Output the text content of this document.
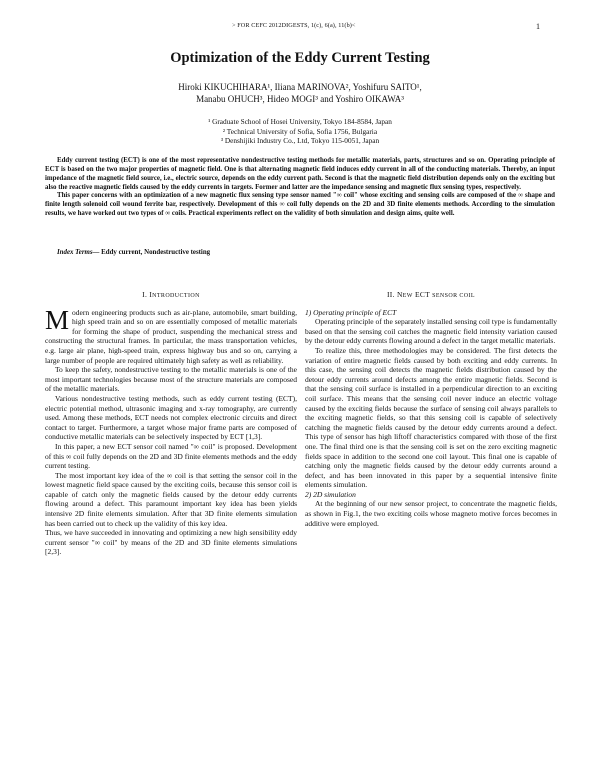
> FOR CEFC 2012DIGESTS, 1(c), 6(a), 11(b)<	1
Optimization of the Eddy Current Testing
Hiroki KIKUCHIHARA¹, Iliana MARINOVA², Yoshifuru SAITO¹,
Manabu OHUCH³, Hideo MOGI³ and Yoshiro OIKAWA³
¹ Graduate School of Hosei University, Tokyo 184-8584, Japan
² Technical University of Sofia, Sofia 1756, Bulgaria
³ Denshijiki Industry Co., Ltd, Tokyo 115-0051, Japan

Eddy current testing (ECT) is one of the most representative nondestructive testing methods for metallic materials, parts, structures and so on. Operating principle of ECT is based on the two major properties of magnetic field. One is that alternating magnetic field induces eddy current in all of the conducting materials. Thereby, an input impedance of the magnetic field source, i.e., electric source, depends on the eddy current path. Second is that the magnetic field distribution depends only on the exciting but also the reactive magnetic fields caused by the eddy currents in targets. Former and latter are the impedance sensing and magnetic flux sensing types, respectively.

This paper concerns with an optimization of a new magnetic flux sensing type sensor named "∞ coil" whose exciting and sensing coils are composed of the ∞ shape and finite length solenoid coil wound ferrite bar, respectively. Development of this ∞ coil fully depends on the 2D and 3D finite elements methods. According to the simulation results, we have worked out two types of ∞ coils. Practical experiments reflect on the validity of both simulation and design aims, quite well.

Index Terms— Eddy current, Nondestructive testing
I. INTRODUCTION

Modern engineering products such as air-plane, automobile, smart building, high speed train and so on are essentially composed of metallic materials for forming the shape of product, suspending the mechanical stress and constructing the structural frames. In particular, the mass transportation vehicles, e.g. large air plane, high-speed train, express highway bus and so on, carrying a large number of people are required ultimately high safety as well as reliability.

To keep the safety, nondestructive testing to the metallic materials is one of the most important technologies because most of the structure materials are composed of the metallic materials.

Various nondestructive testing methods, such as eddy current testing (ECT), electric potential method, ultrasonic imaging and x-ray tomography, are currently used. Among these methods, ECT needs not complex electronic circuits and direct contact to target. Furthermore, a target whose major frame parts are composed of conductive metallic materials can be selectively inspected by ECT [1,3].

In this paper, a new ECT sensor coil named "∞ coil" is proposed. Development of this ∞ coil fully depends on the 2D and 3D finite elements methods and the eddy current testing.

The most important key idea of the ∞ coil is that setting the sensor coil in the lowest magnetic field space caused by the exciting coils, because this sensor coil is capable of catch only the magnetic fields caused by the detour eddy currents flowing around a defect. This paramount important key idea has been yields intensive 2D finite elements simulation. After that 3D finite elements simulation has been carried out to check up the validity of this key idea.

Thus, we have succeeded in innovating and optimizing a new high sensibility eddy current sensor "∞ coil" by means of the 2D and 3D finite elements simulations [2,3].

II. NEW ECT SENSOR COIL

1) Operating principle of ECT

Operating principle of the separately installed sensing coil type is fundamentally based on that the sensing coil catches the magnetic field intensity variation caused by the detour eddy currents flowing around a defect in the target metallic materials.

To realize this, three methodologies may be considered. The first detects the variation of entire magnetic fields caused by both exciting and eddy currents. In this case, the sensing coil detects the magnetic fields distribution caused by the detour eddy currents around defects among the entire magnetic fields. Second is that the sensing coil surface is installed in a perpendicular direction to an exciting coil surface. This means that the sensing coil never induce an electric voltage caused by the exciting fields because the surface of sensing coil always parallels to the exciting magnetic fields, so that this sensing coil is capable of selectively catching the magnetic fields caused by the detour eddy currents around a defect. This type of sensor has high liftoff characteristics compared with those of the first one. The final third one is that the sensing coil is set on the zero exciting magnetic fields space in addition to the second one coil layout. This final one is capable of catching only the magnetic fields caused by the detour eddy currents around a defect, and has been innovated in this paper by a sequential intensive finite elements simulation.

2) 2D simulation

At the beginning of our new sensor project, to concentrate the magnetic fields, as shown in Fig.1, the two exciting coils whose magneto motive forces becomes in additive were employed.
